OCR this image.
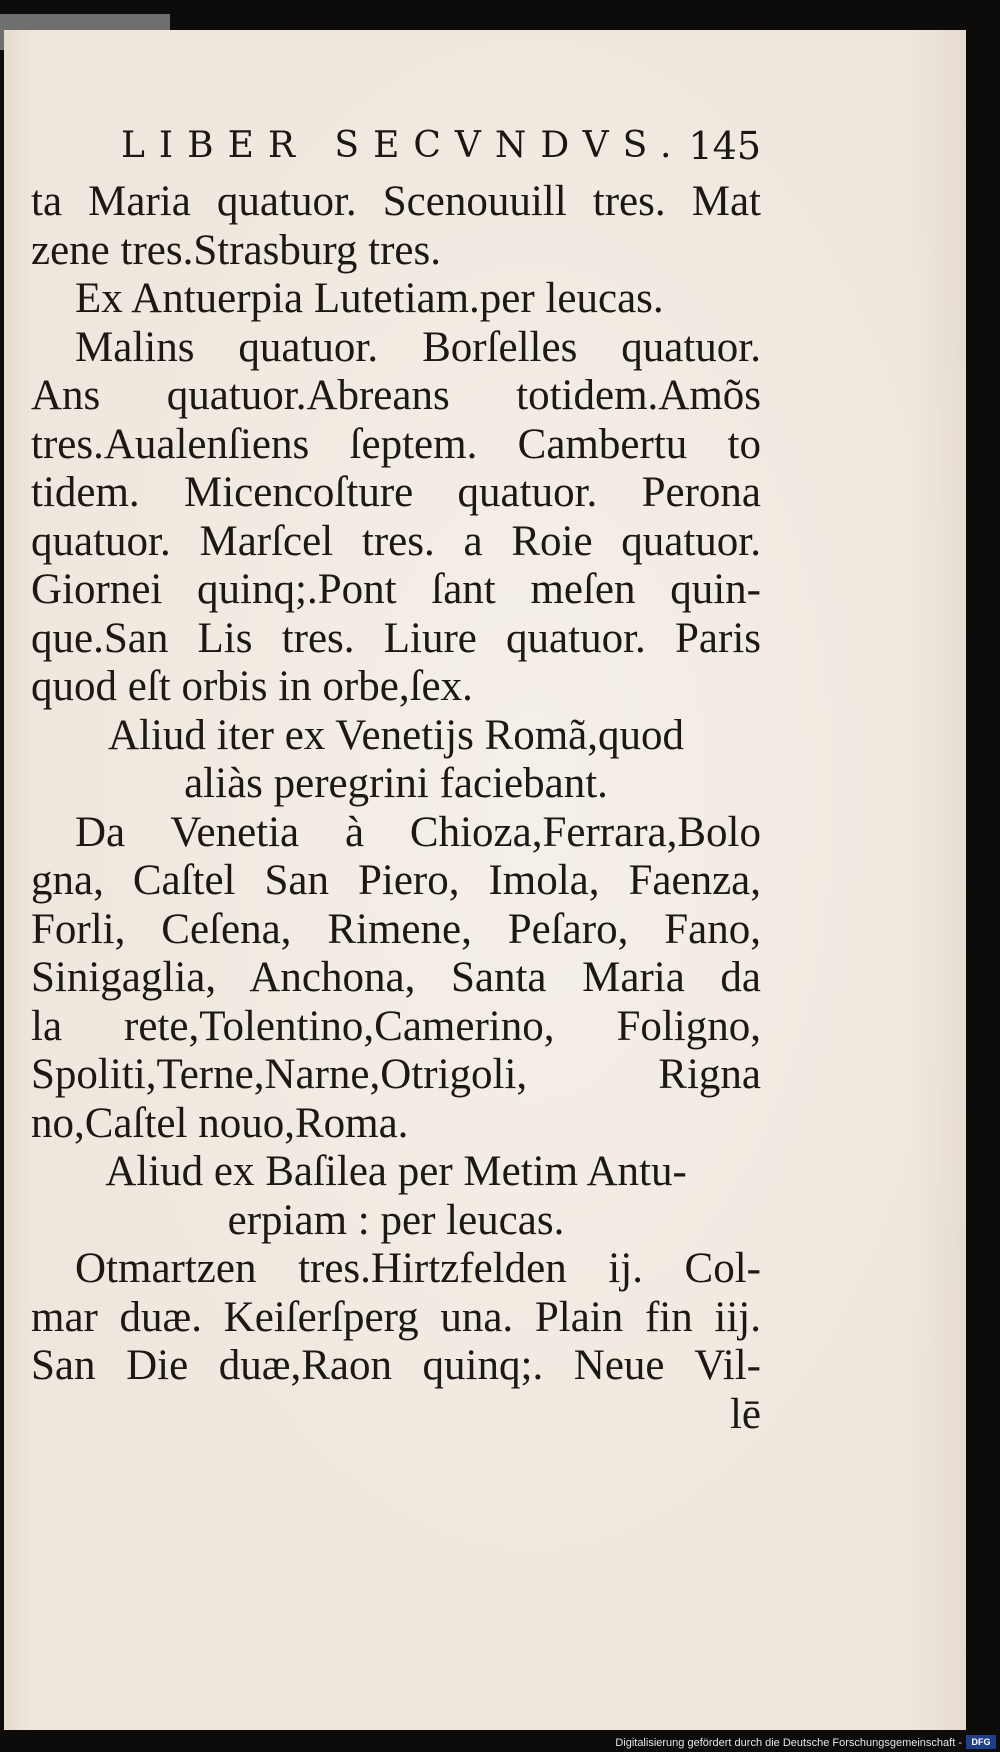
LIBER SECVNDVS. 145
ta Maria quatuor. Scenouuill tres. Mat
zene tres.Strasburg tres.
Ex Antuerpia Lutetiam.per leucas.
Malins quatuor. Borſelles quatuor.
Ans quatuor.Abreans totidem.Amõs
tres.Aualenſiens ſeptem. Cambertu to
tidem. Micencoſture quatuor. Perona
quatuor. Marſcel tres. a Roie quatuor.
Giornei quinq;.Pont ſant meſen quin-
que.San Lis tres. Liure quatuor. Paris
quod eſt orbis in orbe,ſex.
Aliud iter ex Venetijs Romã,quod
aliàs peregrini faciebant.
Da Venetia à Chioza,Ferrara,Bolo
gna, Caſtel San Piero, Imola, Faenza,
Forli, Ceſena, Rimene, Peſaro, Fano,
Sinigaglia, Anchona, Santa Maria da
la rete,Tolentino,Camerino, Foligno,
Spoliti,Terne,Narne,Otrigoli, Rigna
no,Caſtel nouo,Roma.
Aliud ex Baſilea per Metim Antu-
erpiam : per leucas.
Otmartzen tres.Hirtzfelden ij. Col-
mar duæ. Keiſerſperg una. Plain fin iij.
San Die duæ,Raon quinq;. Neue Vil-
lē
Digitalisierung gefördert durch die Deutsche Forschungsgemeinschaft -	DFG
